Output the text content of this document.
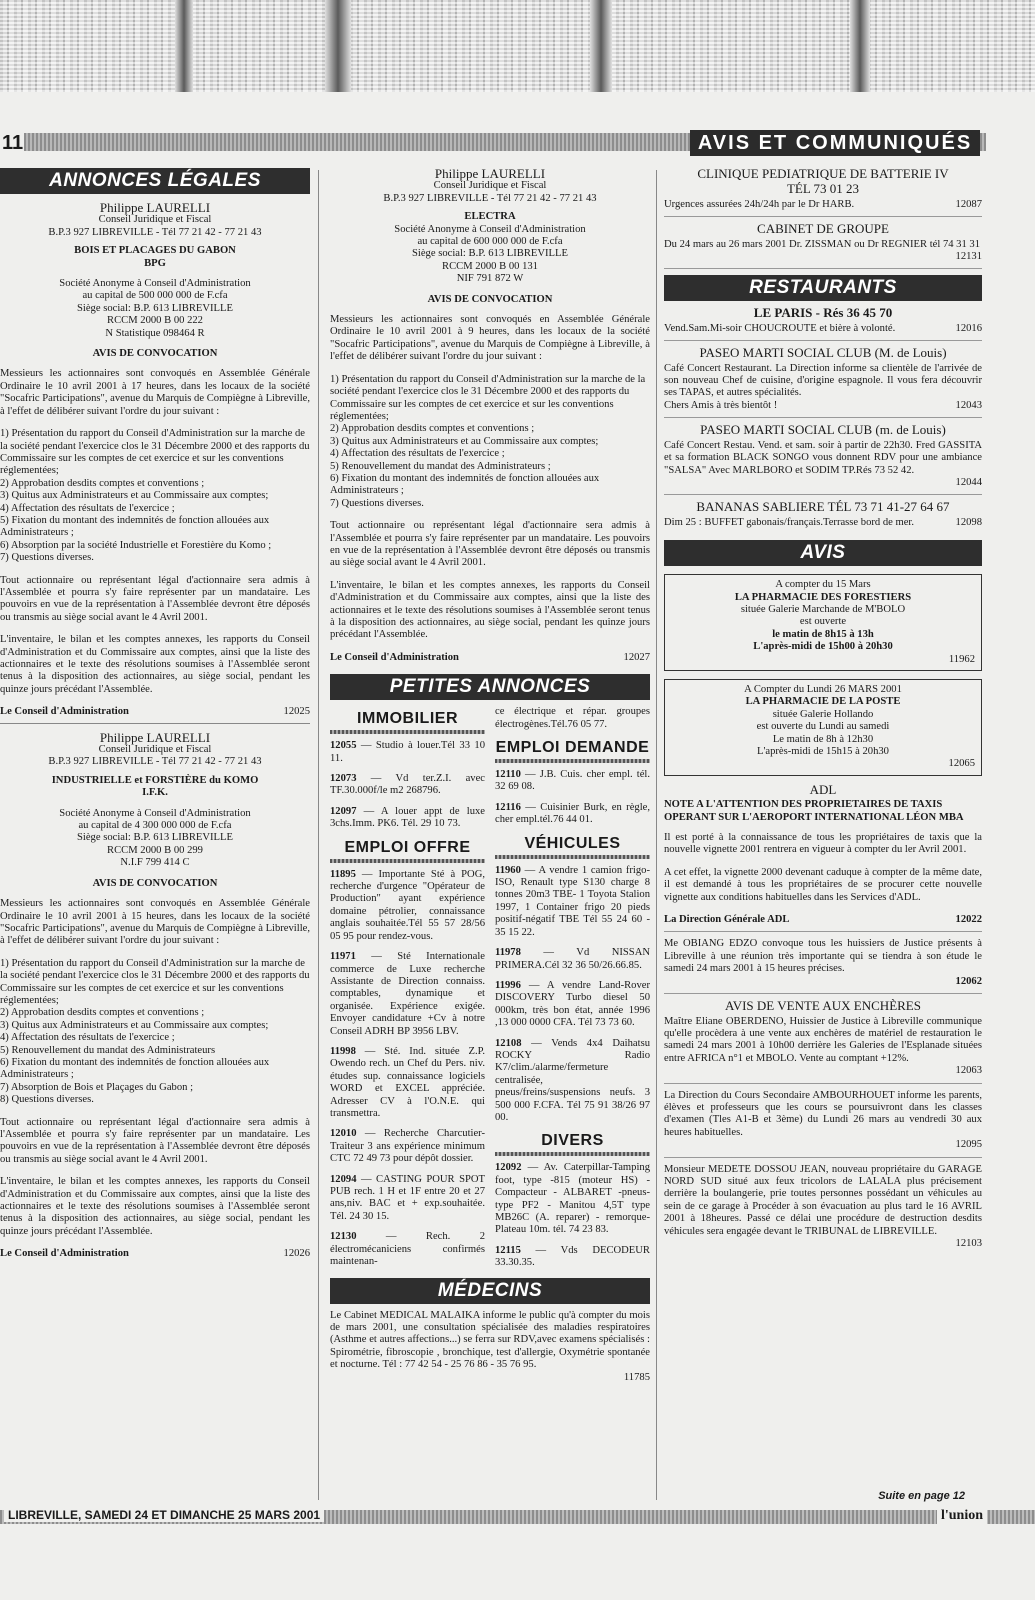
11	AVIS ET COMMUNIQUÉS
ANNONCES LÉGALES
Philippe LAURELLI
Conseil Juridique et Fiscal
B.P.3 927 LIBREVILLE - Tél 77 21 42 - 77 21 43
BOIS ET PLACAGES DU GABON
BPG
Société Anonyme à Conseil d'Administration
au capital de 500 000 000 de F.cfa
Siège social: B.P. 613 LIBREVILLE
RCCM 2000 B 00 222
N Statistique 098464 R
AVIS DE CONVOCATION

Messieurs les actionnaires sont convoqués en Assemblée Générale Ordinaire le 10 avril 2001 à 17 heures, dans les locaux de la société "Socafric Participations", avenue du Marquis de Compiègne à Libreville, à l'effet de délibérer suivant l'ordre du jour suivant :

1) Présentation du rapport du Conseil d'Administration sur la marche de la société pendant l'exercice clos le 31 Décembre 2000 et des rapports du Commissaire sur les comptes de cet exercice et sur les conventions réglementées;
2) Approbation desdits comptes et conventions ;
3) Quitus aux Administrateurs et au Commissaire aux comptes;
4) Affectation des résultats de l'exercice ;
5) Fixation du montant des indemnités de fonction allouées aux Administrateurs ;
6) Absorption par la société Industrielle et Forestière du Komo ;
7) Questions diverses.

Tout actionnaire ou représentant légal d'actionnaire sera admis à l'Assemblée et pourra s'y faire représenter par un mandataire. Les pouvoirs en vue de la représentation à l'Assemblée devront être déposés ou transmis au siège social avant le 4 Avril 2001.

L'inventaire, le bilan et les comptes annexes, les rapports du Conseil d'Administration et du Commissaire aux comptes, ainsi que la liste des actionnaires et le texte des résolutions soumises à l'Assemblée seront tenus à la disposition des actionnaires, au siège social, pendant les quinze jours précédant l'Assemblée.

Le Conseil d'Administration	12025
Philippe LAURELLI
Conseil Juridique et Fiscal
B.P.3 927 LIBREVILLE - Tél 77 21 42 - 77 21 43
INDUSTRIELLE et FORSTIÈRE du KOMO
I.F.K.
Société Anonyme à Conseil d'Administration
au capital de 4 300 000 000 de F.cfa
Siège social: B.P. 613 LIBREVILLE
RCCM 2000 B 00 299
N.I.F 799 414 C
AVIS DE CONVOCATION

Messieurs les actionnaires sont convoqués en Assemblée Générale Ordinaire le 10 avril 2001 à 15 heures, dans les locaux de la société "Socafric Participations", avenue du Marquis de Compiègne à Libreville, à l'effet de délibérer suivant l'ordre du jour suivant :

1) Présentation du rapport du Conseil d'Administration sur la marche de la société pendant l'exercice clos le 31 Décembre 2000 et des rapports du Commissaire sur les comptes de cet exercice et sur les conventions réglementées;
2) Approbation desdits comptes et conventions ;
3) Quitus aux Administrateurs et au Commissaire aux comptes;
4) Affectation des résultats de l'exercice ;
5) Renouvellement du mandat des Administrateurs
6) Fixation du montant des indemnités de fonction allouées aux Administrateurs ;
7) Absorption de Bois et Plaçages du Gabon ;
8) Questions diverses.

Tout actionnaire ou représentant légal d'actionnaire sera admis à l'Assemblée et pourra s'y faire représenter par un mandataire. Les pouvoirs en vue de la représentation à l'Assemblée devront être déposés ou transmis au siège social avant le 4 Avril 2001.

L'inventaire, le bilan et les comptes annexes, les rapports du Conseil d'Administration et du Commissaire aux comptes, ainsi que la liste des actionnaires et le texte des résolutions soumises à l'Assemblée seront tenus à la disposition des actionnaires, au siège social, pendant les quinze jours précédant l'Assemblée.

Le Conseil d'Administration	12026
Philippe LAURELLI
Conseil Juridique et Fiscal
B.P.3 927 LIBREVILLE - Tél 77 21 42 - 77 21 43
ELECTRA
Société Anonyme à Conseil d'Administration
au capital de 600 000 000 de F.cfa
Siège social: B.P. 613 LIBREVILLE
RCCM 2000 B 00 131
NIF 791 872 W
AVIS DE CONVOCATION

Messieurs les actionnaires sont convoqués en Assemblée Générale Ordinaire le 10 avril 2001 à 9 heures, dans les locaux de la société "Socafric Participations", avenue du Marquis de Compiègne à Libreville, à l'effet de délibérer suivant l'ordre du jour suivant :

1) Présentation du rapport du Conseil d'Administration sur la marche de la société pendant l'exercice clos le 31 Décembre 2000 et des rapports du Commissaire sur les comptes de cet exercice et sur les conventions réglementées;
2) Approbation desdits comptes et conventions ;
3) Quitus aux Administrateurs et au Commissaire aux comptes;
4) Affectation des résultats de l'exercice ;
5) Renouvellement du mandat des Administrateurs ;
6) Fixation du montant des indemnités de fonction allouées aux Administrateurs ;
7) Questions diverses.

Tout actionnaire ou représentant légal d'actionnaire sera admis à l'Assemblée et pourra s'y faire représenter par un mandataire. Les pouvoirs en vue de la représentation à l'Assemblée devront être déposés ou transmis au siège social avant le 4 Avril 2001.

L'inventaire, le bilan et les comptes annexes, les rapports du Conseil d'Administration et du Commissaire aux comptes, ainsi que la liste des actionnaires et le texte des résolutions soumises à l'Assemblée seront tenus à la disposition des actionnaires, au siège social, pendant les quinze jours précédant l'Assemblée.

Le Conseil d'Administration	12027
PETITES ANNONCES
IMMOBILIER
12055 — Studio à louer.Tél 33 10 11.
12073 — Vd ter.Z.I. avec TF.30.000f/le m2 268796.
12097 — A louer appt de luxe 3chs.Imm. PK6. Tél. 29 10 73.
EMPLOI OFFRE
11895 — Importante Sté à POG, recherche d'urgence "Opérateur de Production" ayant expérience domaine pétrolier, connaissance anglais souhaitée.Tél 55 57 28/56 05 95 pour rendez-vous.
11971 — Sté Internationale commerce de Luxe recherche Assistante de Direction connaiss. comptables, dynamique et organisée. Expérience exigée. Envoyer candidature +Cv à notre Conseil ADRH BP 3956 LBV.
11998 — Sté. Ind. située Z.P. Owendo rech. un Chef du Pers. niv. études sup. connaissance logiciels WORD et EXCEL appréciée. Adresser CV à l'O.N.E. qui transmettra.
12010 — Recherche Charcutier-Traiteur 3 ans expérience minimum CTC 72 49 73 pour dépôt dossier.
12094 — CASTING POUR SPOT PUB rech. 1 H et 1F entre 20 et 27 ans,niv. BAC et + exp.souhaitée. Tél. 24 30 15.
12130 — Rech. 2 électromécaniciens confirmés maintenan-
ce électrique et répar. groupes électrogènes.Tél.76 05 77.
EMPLOI DEMANDE
12110 — J.B. Cuis. cher empl. tél. 32 69 08.
12116 — Cuisinier Burk, en règle, cher empl.tél.76 44 01.
VÉHICULES
11960 — A vendre 1 camion frigo-ISO, Renault type S130 charge 8 tonnes 20m3 TBE- 1 Toyota Stalion 1997, 1 Container frigo 20 pieds positif-négatif TBE Tél 55 24 60 - 35 15 22.
11978 — Vd NISSAN PRIMERA.Cél 32 36 50/26.66.85.
11996 — A vendre Land-Rover DISCOVERY Turbo diesel 50 000km, très bon état, année 1996 ,13 000 0000 CFA. Tél 73 73 60.
12108 — Vends 4x4 Daihatsu ROCKY Radio K7/clim./alarme/fermeture centralisée, pneus/freins/suspensions neufs. 3 500 000 F.CFA. Tél 75 91 38/26 97 00.
DIVERS
12092 — Av. Caterpillar-Tamping foot, type -815 (moteur HS) - Compacteur - ALBARET -pneus-type PF2 - Manitou 4,5T type MB26C (A. reparer) - remorque-Plateau 10m. tél. 74 23 83.
12115 — Vds DECODEUR 33.30.35.
MÉDECINS
Le Cabinet MEDICAL MALAIKA informe le public qu'à compter du mois de mars 2001, une consultation spécialisée des maladies respiratoires (Asthme et autres affections...) se ferra sur RDV,avec examens spécialisés : Spirométrie, fibroscopie , bronchique, test d'allergie, Oxymétrie spontanée et nocturne. Tél : 77 42 54 - 25 76 86 - 35 76 95.
11785
CLINIQUE PEDIATRIQUE DE BATTERIE IV
TÉL 73 01 23
Urgences assurées 24h/24h par le Dr HARB.	12087
CABINET DE GROUPE
Du 24 mars au 26 mars 2001 Dr. ZISSMAN ou Dr REGNIER tél 74 31 31
12131
RESTAURANTS
LE PARIS - Rés 36 45 70
Vend.Sam.Mi-soir CHOUCROUTE et bière à volonté.	12016
PASEO MARTI SOCIAL CLUB (M. de Louis)
Café Concert Restaurant. La Direction informe sa clientèle de l'arrivée de son nouveau Chef de cuisine, d'origine espagnole. Il vous fera découvrir ses TAPAS, et autres spécialités.
Chers Amis à très bientôt !	12043
PASEO MARTI SOCIAL CLUB (m. de Louis)
Café Concert Restau. Vend. et sam. soir à partir de 22h30. Fred GASSITA et sa formation BLACK SONGO vous donnent RDV pour une ambiance "SALSA" Avec MARLBORO et SODIM TP.Rés 73 52 42.
12044
BANANAS SABLIERE TÉL 73 71 41-27 64 67
Dim 25 : BUFFET gabonais/français.Terrasse bord de mer.	12098
AVIS
A compter du 15 Mars
LA PHARMACIE DES FORESTIERS
située Galerie Marchande de M'BOLO
est ouverte
le matin de 8h15 à 13h
L'après-midi de 15h00 à 20h30
11962
A Compter du Lundi 26 MARS 2001
LA PHARMACIE DE LA POSTE
située Galerie Hollando
est ouverte du Lundi au samedi
Le matin de 8h à 12h30
L'après-midi de 15h15 à 20h30
12065
ADL
NOTE A L'ATTENTION DES PROPRIETAIRES DE TAXIS OPERANT SUR L'AEROPORT INTERNATIONAL LÉON MBA

Il est porté à la connaissance de tous les propriétaires de taxis que la nouvelle vignette 2001 rentrera en vigueur à compter du ler Avril 2001.

A cet effet, la vignette 2000 devenant caduque à compter de la même date, il est demandé à tous les propriétaires de se procurer cette nouvelle vignette aux conditions habituelles dans les Services d'ADL.

La Direction Générale ADL	12022
Me OBIANG EDZO convoque tous les huissiers de Justice présents à Libreville à une réunion très importante qui se tiendra à son étude le samedi 24 mars 2001 à 15 heures précises.
12062
AVIS DE VENTE AUX ENCHÈRES
Maître Eliane OBERDENO, Huissier de Justice à Libreville communique qu'elle procèdera à une vente aux enchères de matériel de restauration le samedi 24 mars 2001 à 10h00 derrière les Galeries de l'Esplanade situées entre AFRICA n°1 et MBOLO. Vente au comptant +12%.
12063
La Direction du Cours Secondaire AMBOURHOUET informe les parents, élèves et professeurs que les cours se poursuivront dans les classes d'examen (Tles A1-B et 3ème) du Lundi 26 mars au vendredi 30 aux heures habituelles.
12095
Monsieur MEDETE DOSSOU JEAN, nouveau propriétaire du GARAGE NORD SUD situé aux feux tricolors de LALALA plus précisement derrière la boulangerie, prie toutes personnes possédant un véhicules au sein de ce garage à Procéder à son évacuation au plus tard le 16 AVRIL 2001 à 18heures. Passé ce délai une procédure de destruction desdits véhicules sera engagée devant le TRIBUNAL de LIBREVILLE.
12103
Suite en page 12
LIBREVILLE, SAMEDI 24 ET DIMANCHE 25 MARS 2001	l'union
